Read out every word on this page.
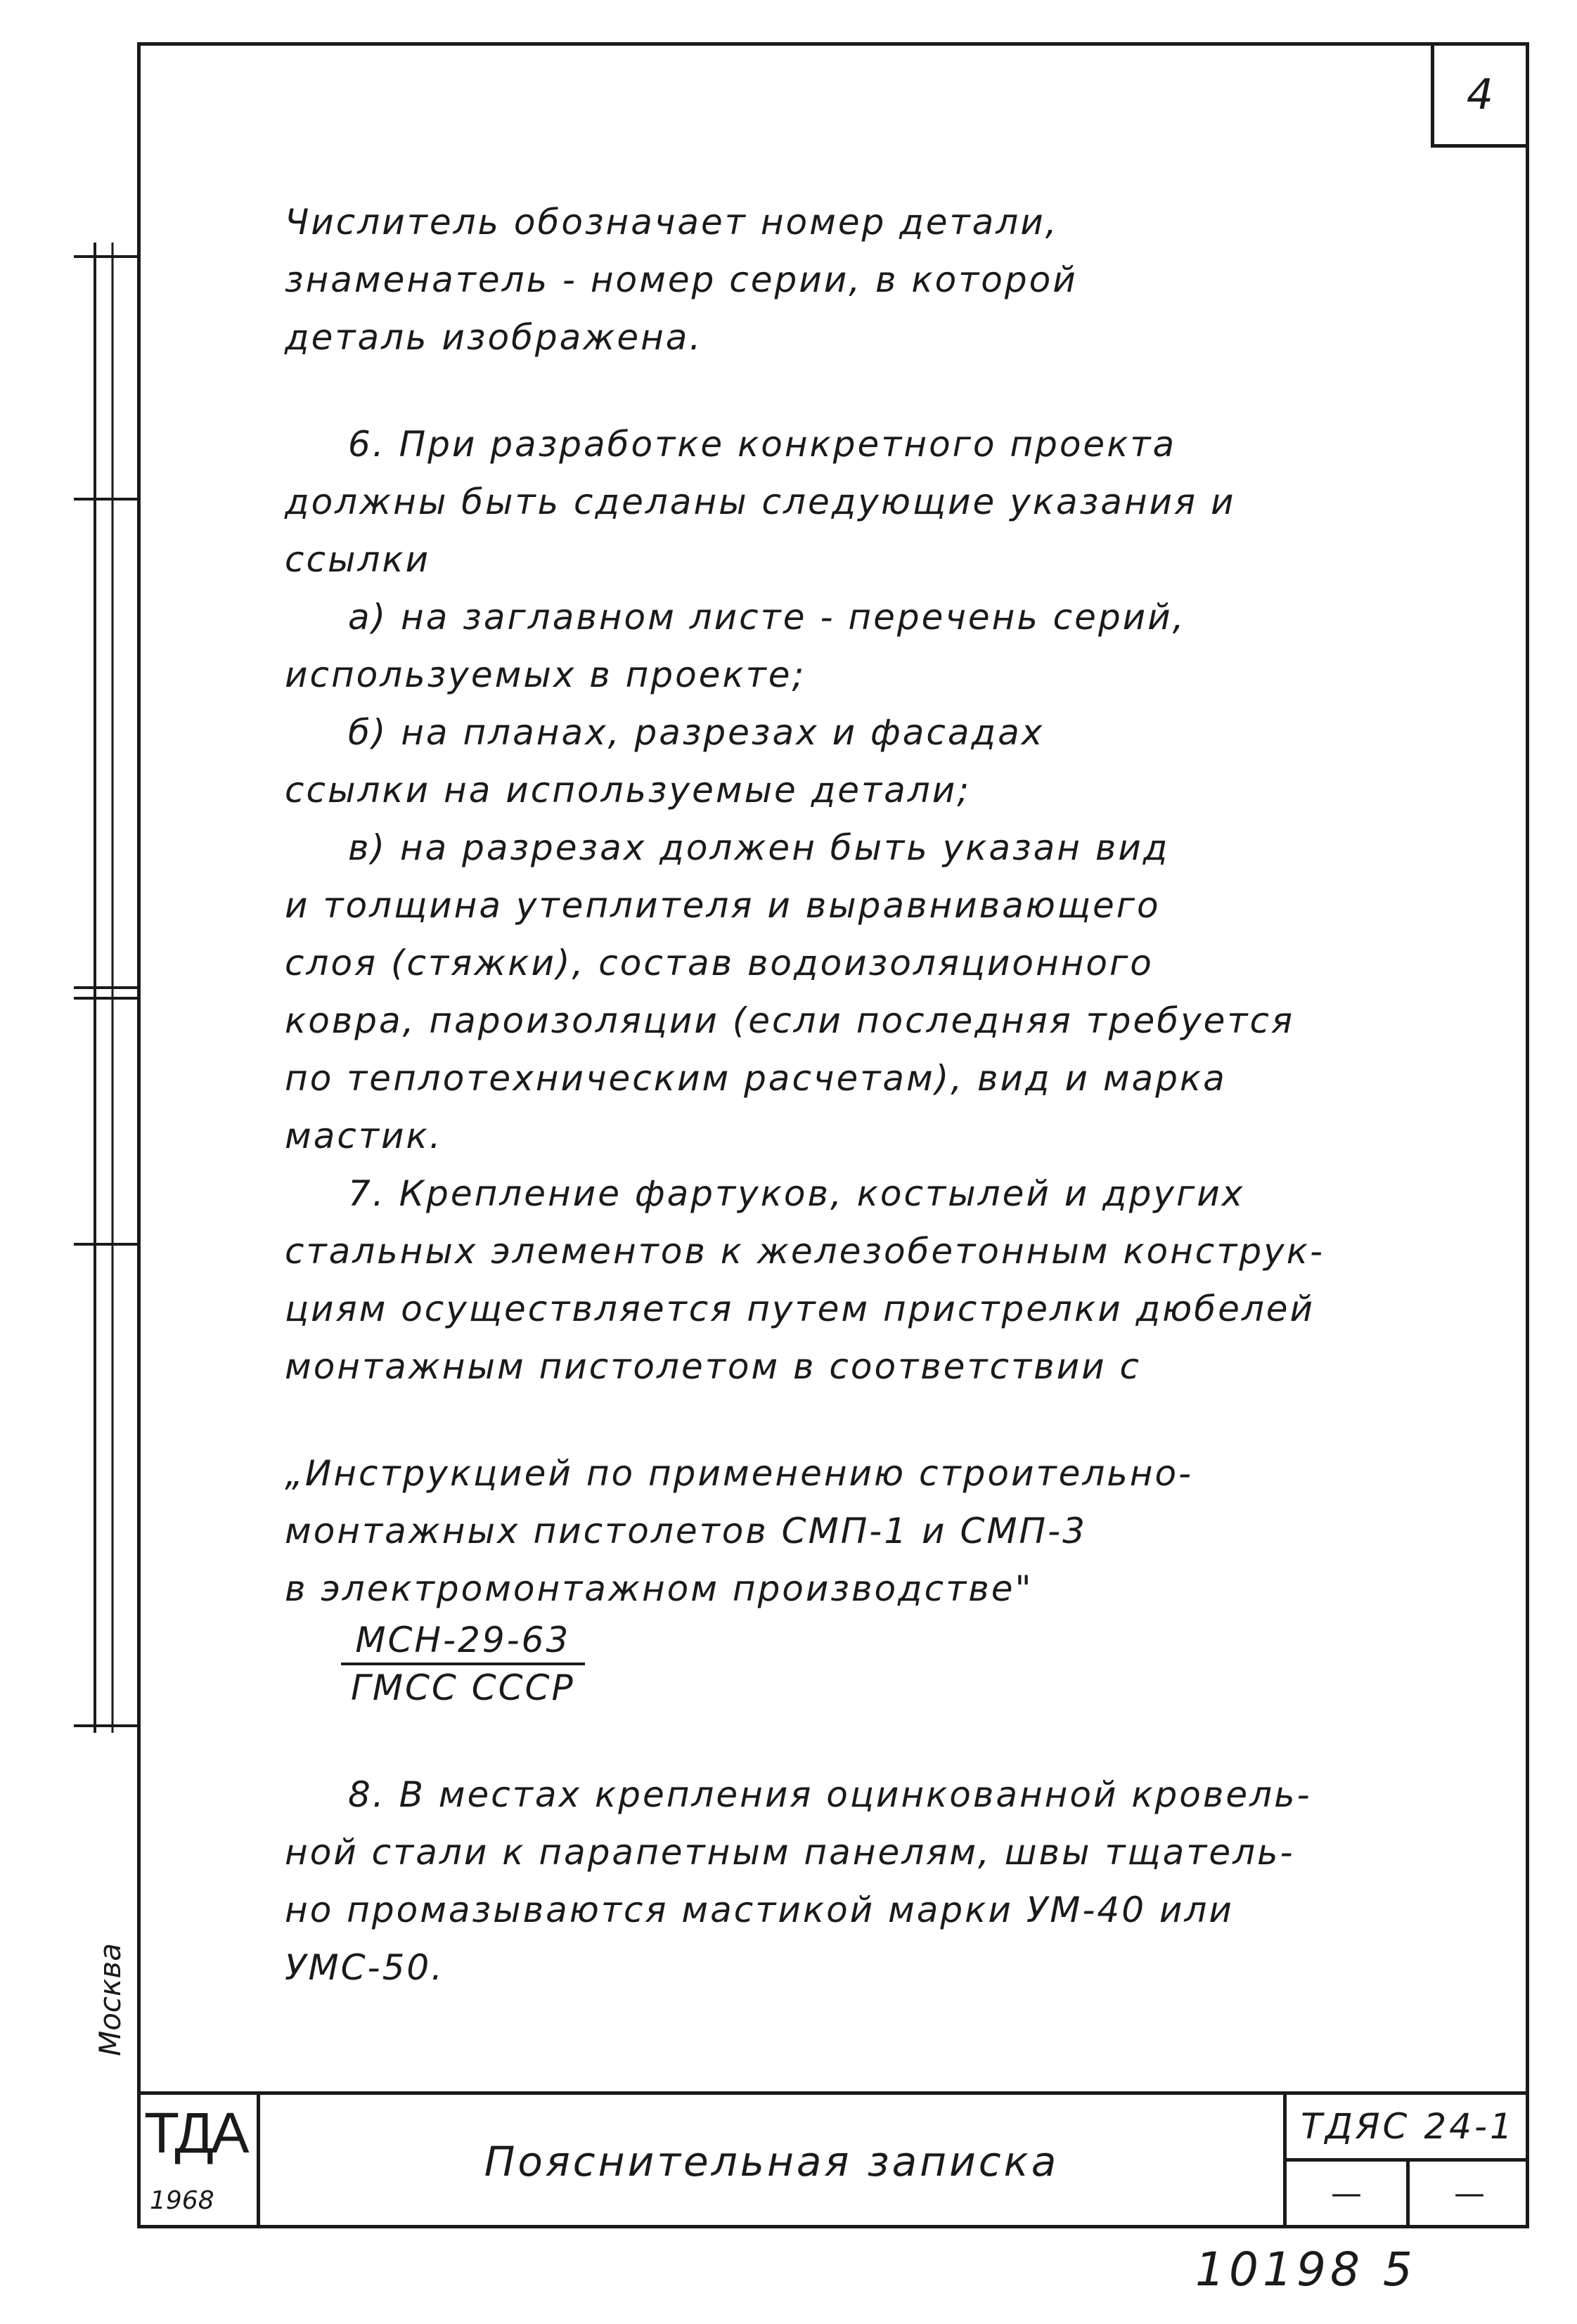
Москва
4

Числитель обозначает номер детали,

знаменатель - номер серии, в которой

деталь изображена.

6. При разработке конкретного проекта

должны быть сделаны следующие указания и

ссылки

а) на заглавном листе - перечень серий,

используемых в проекте;

б) на планах, разрезах и фасадах

ссылки на используемые детали;

в) на разрезах должен быть указан вид

и толщина утеплителя и выравнивающего

слоя (стяжки), состав водоизоляционного

ковра, пароизоляции (если последняя требуется

по теплотехническим расчетам), вид и марка

мастик.

7. Крепление фартуков, костылей и других

стальных элементов к железобетонным конструк-

циям осуществляется путем пристрелки дюбелей

монтажным пистолетом в соответствии с

„Инструкцией по применению строительно-

монтажных пистолетов СМП-1 и СМП-3

в электромонтажном производстве"

$\frac{\text{МСН-29-63}}{\text{ГМСС СССР}}$

8. В местах крепления оцинкованной кровель-

ной стали к парапетным панелям, швы тщатель-

но промазываются мастикой марки УМ-40 или

УМС-50.

ТДА
1968
Пояснительная записка
ТДЯС 24-1
—	—
10198 5
